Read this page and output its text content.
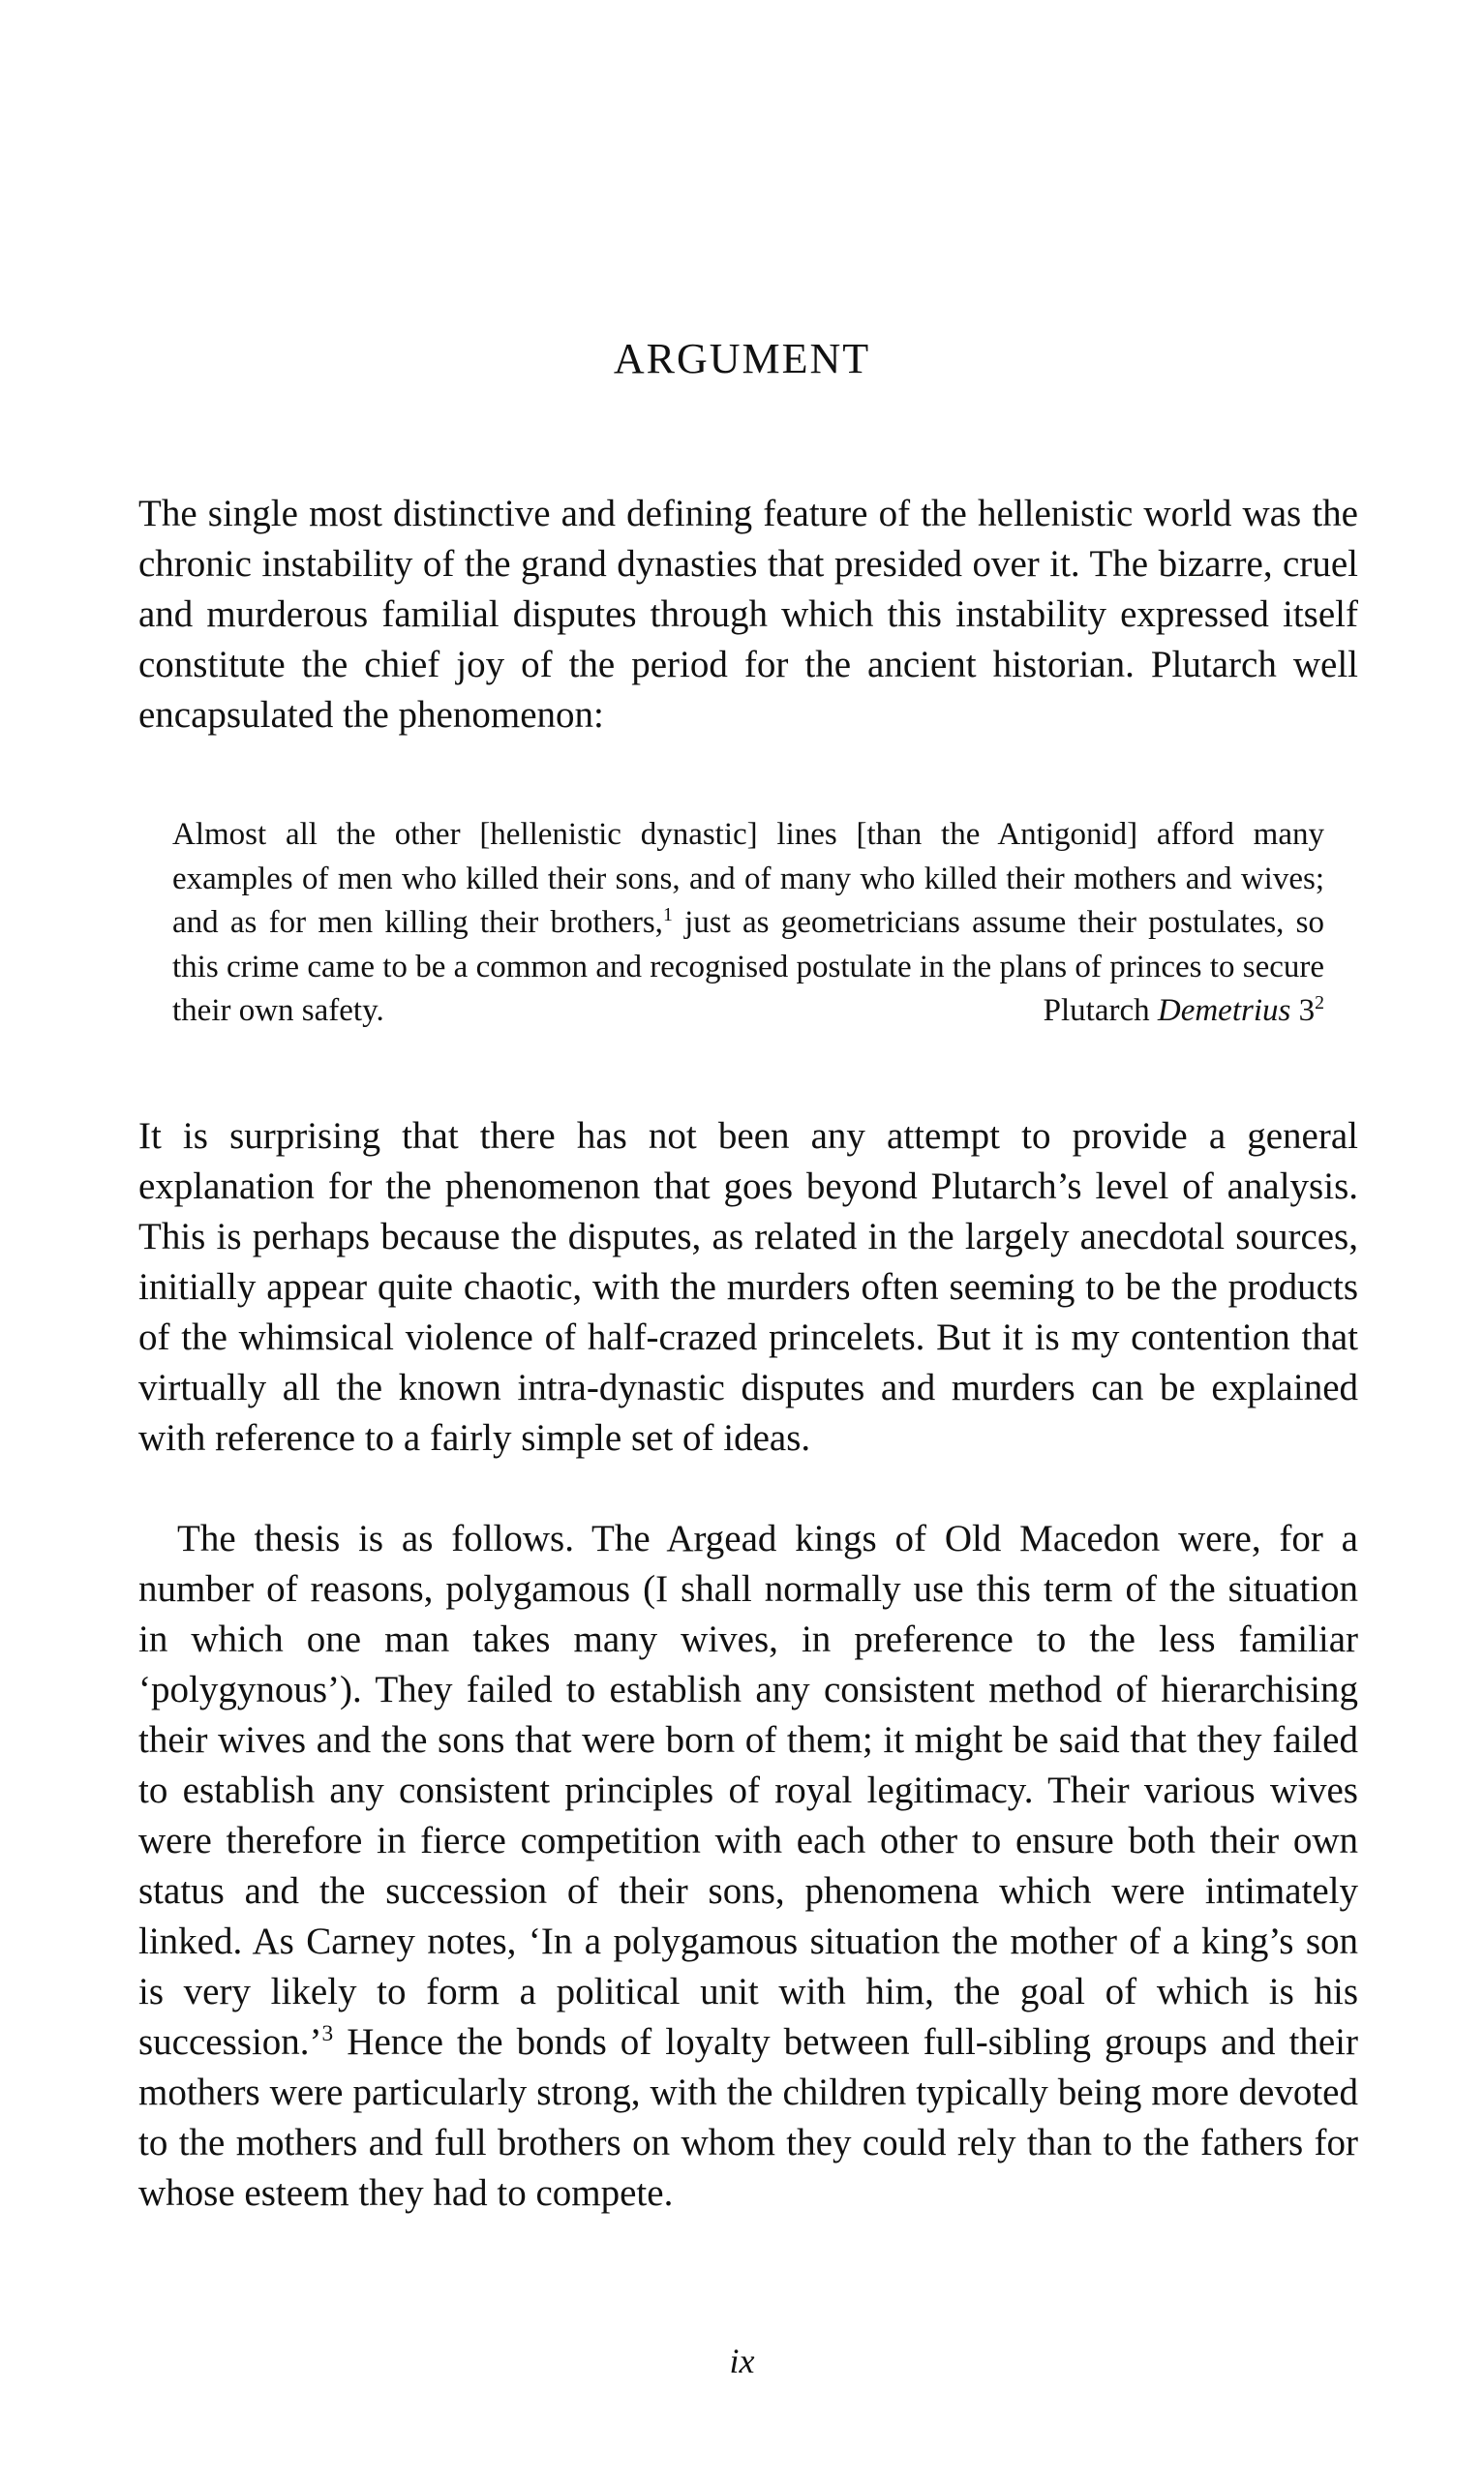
ARGUMENT

The single most distinctive and defining feature of the hellenistic world was the chronic instability of the grand dynasties that presided over it. The bizarre, cruel and murderous familial disputes through which this instability expressed itself constitute the chief joy of the period for the ancient historian. Plutarch well encapsulated the phenomenon:

Almost all the other [hellenistic dynastic] lines [than the Antigonid] afford many examples of men who killed their sons, and of many who killed their mothers and wives; and as for men killing their brothers,$^1$ just as geometricians assume their postulates, so this crime came to be a common and recognised postulate in the plans of princes to secure their own safety.	Plutarch Demetrius $3^2$

It is surprising that there has not been any attempt to provide a general explanation for the phenomenon that goes beyond Plutarch’s level of analysis. This is perhaps because the disputes, as related in the largely anecdotal sources, initially appear quite chaotic, with the murders often seeming to be the products of the whimsical violence of half-crazed princelets. But it is my contention that virtually all the known intra-dynastic disputes and murders can be explained with reference to a fairly simple set of ideas.

The thesis is as follows. The Argead kings of Old Macedon were, for a number of reasons, polygamous (I shall normally use this term of the situation in which one man takes many wives, in preference to the less familiar ‘polygynous’). They failed to establish any consistent method of hierarchising their wives and the sons that were born of them; it might be said that they failed to establish any consistent principles of royal legitimacy. Their various wives were therefore in fierce competition with each other to ensure both their own status and the succession of their sons, phenomena which were intimately linked. As Carney notes, ‘In a polygamous situation the mother of a king’s son is very likely to form a political unit with him, the goal of which is his succession.’$^3$ Hence the bonds of loyalty between full-sibling groups and their mothers were particularly strong, with the children typically being more devoted to the mothers and full brothers on whom they could rely than to the fathers for whose esteem they had to compete.

ix
